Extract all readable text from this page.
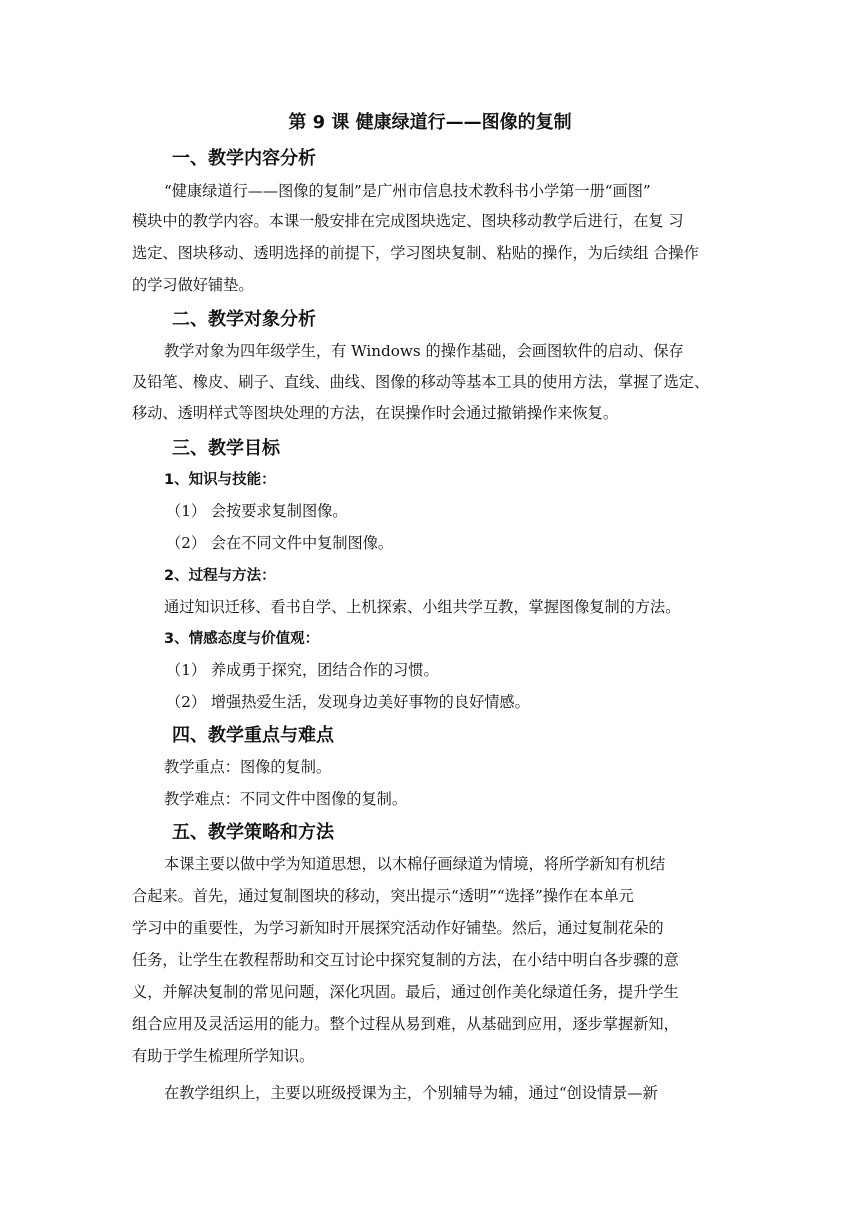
第 9 课 健康绿道行——图像的复制
一、教学内容分析
“健康绿道行——图像的复制”是广州市信息技术教科书小学第一册“画图”
模块中的教学内容。本课一般安排在完成图块选定、图块移动教学后进行，在复 习
选定、图块移动、透明选择的前提下，学习图块复制、粘贴的操作，为后续组 合操作
的学习做好铺垫。
二、教学对象分析
教学对象为四年级学生，有 Windows 的操作基础，会画图软件的启动、保存
及铅笔、橡皮、刷子、直线、曲线、图像的移动等基本工具的使用方法，掌握了选定、
移动、透明样式等图块处理的方法，在误操作时会通过撤销操作来恢复。
三、教学目标
1、知识与技能：
（1） 会按要求复制图像。
（2） 会在不同文件中复制图像。
2、过程与方法：
通过知识迁移、看书自学、上机探索、小组共学互教，掌握图像复制的方法。
3、情感态度与价值观：
（1） 养成勇于探究，团结合作的习惯。
（2） 增强热爱生活，发现身边美好事物的良好情感。
四、教学重点与难点
教学重点：图像的复制。
教学难点：不同文件中图像的复制。
五、教学策略和方法
本课主要以做中学为知道思想，以木棉仔画绿道为情境，将所学新知有机结
合起来。首先，通过复制图块的移动，突出提示“透明”“选择”操作在本单元
学习中的重要性，为学习新知时开展探究活动作好铺垫。然后，通过复制花朵的
任务，让学生在教程帮助和交互讨论中探究复制的方法，在小结中明白各步骤的意
义，并解决复制的常见问题，深化巩固。最后，通过创作美化绿道任务，提升学生
组合应用及灵活运用的能力。整个过程从易到难，从基础到应用，逐步掌握新知，
有助于学生梳理所学知识。
在教学组织上，主要以班级授课为主，个别辅导为辅，通过“创设情景—新
